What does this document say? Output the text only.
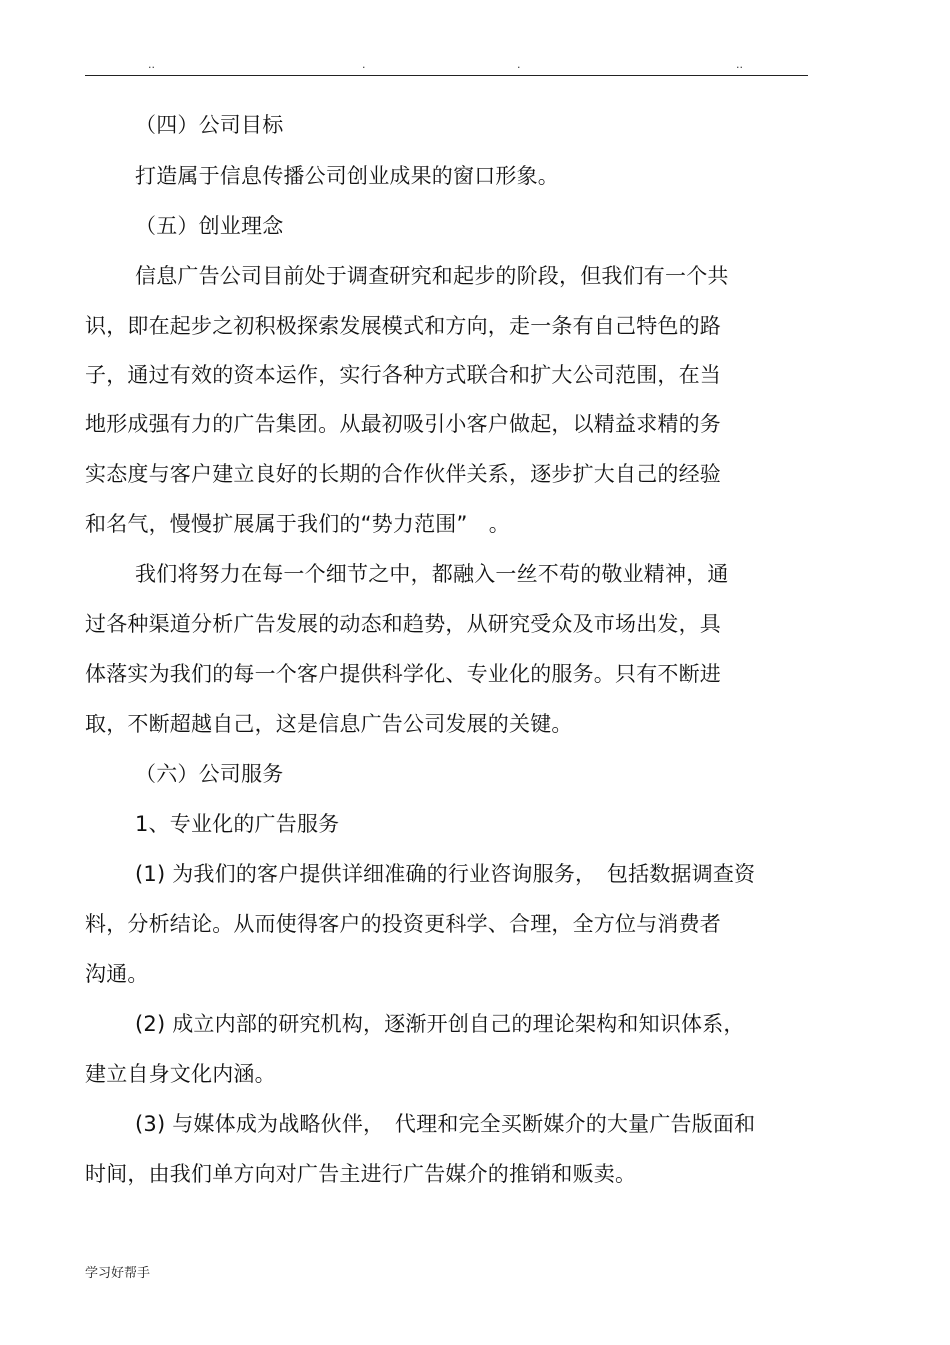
..	.	.	..
（四）公司目标
打造属于信息传播公司创业成果的窗口形象。
（五）创业理念
信息广告公司目前处于调查研究和起步的阶段，但我们有一个共
识，即在起步之初积极探索发展模式和方向，走一条有自己特色的路
子，通过有效的资本运作，实行各种方式联合和扩大公司范围，在当
地形成强有力的广告集团。从最初吸引小客户做起，以精益求精的务
实态度与客户建立良好的长期的合作伙伴关系，逐步扩大自己的经验
和名气，慢慢扩展属于我们的“势力范围”　。
我们将努力在每一个细节之中，都融入一丝不苟的敬业精神，通
过各种渠道分析广告发展的动态和趋势，从研究受众及市场出发，具
体落实为我们的每一个客户提供科学化、专业化的服务。只有不断进
取，不断超越自己，这是信息广告公司发展的关键。
（六）公司服务
1、专业化的广告服务
(1) 为我们的客户提供详细准确的行业咨询服务，　包括数据调查资
料，分析结论。从而使得客户的投资更科学、合理，全方位与消费者
沟通。
(2) 成立内部的研究机构，逐渐开创自己的理论架构和知识体系，
建立自身文化内涵。
(3) 与媒体成为战略伙伴，　代理和完全买断媒介的大量广告版面和
时间，由我们单方向对广告主进行广告媒介的推销和贩卖。
学习好帮手
